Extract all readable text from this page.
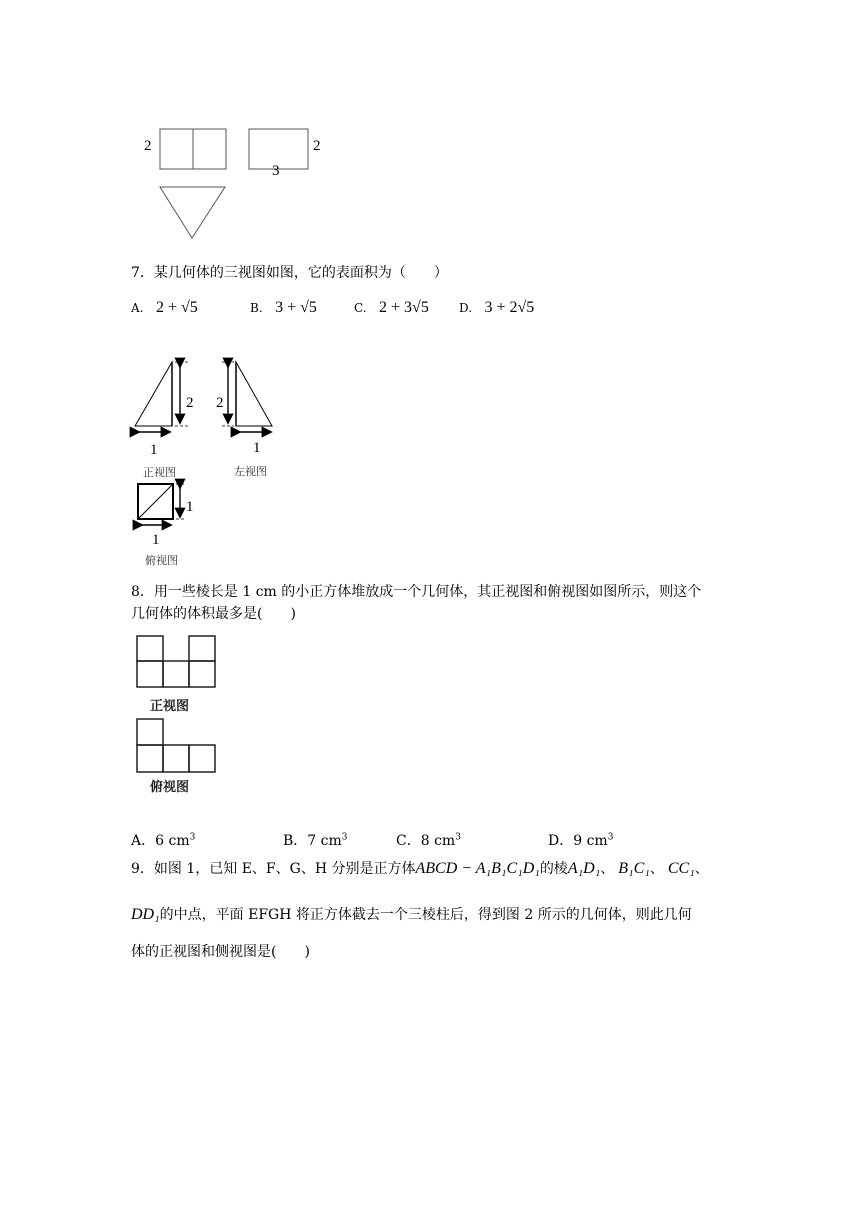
2	2
3
7．某几何体的三视图如图，它的表面积为（　　）
A. 2 + √5	B. 3 + √5	C. 2 + 3√5	D. 3 + 2√5
2
1
正视图
2
1
左视图
1
1
俯视图
8．用一些棱长是 1 cm 的小正方体堆放成一个几何体，其正视图和俯视图如图所示，则这个
几何体的体积最多是(　　)
正视图
俯视图
A．6 $cm^3$	B．7 $cm^3$	C．8 $cm^3$	D．9 $cm^3$
9．如图 1，已知 E、F、G、H 分别是正方体ABCD − A₁B₁C₁D₁的棱A₁D₁、 B₁C₁、 CC₁、
DD₁的中点，平面 EFGH 将正方体截去一个三棱柱后，得到图 2 所示的几何体，则此几何
体的正视图和侧视图是(　　)
